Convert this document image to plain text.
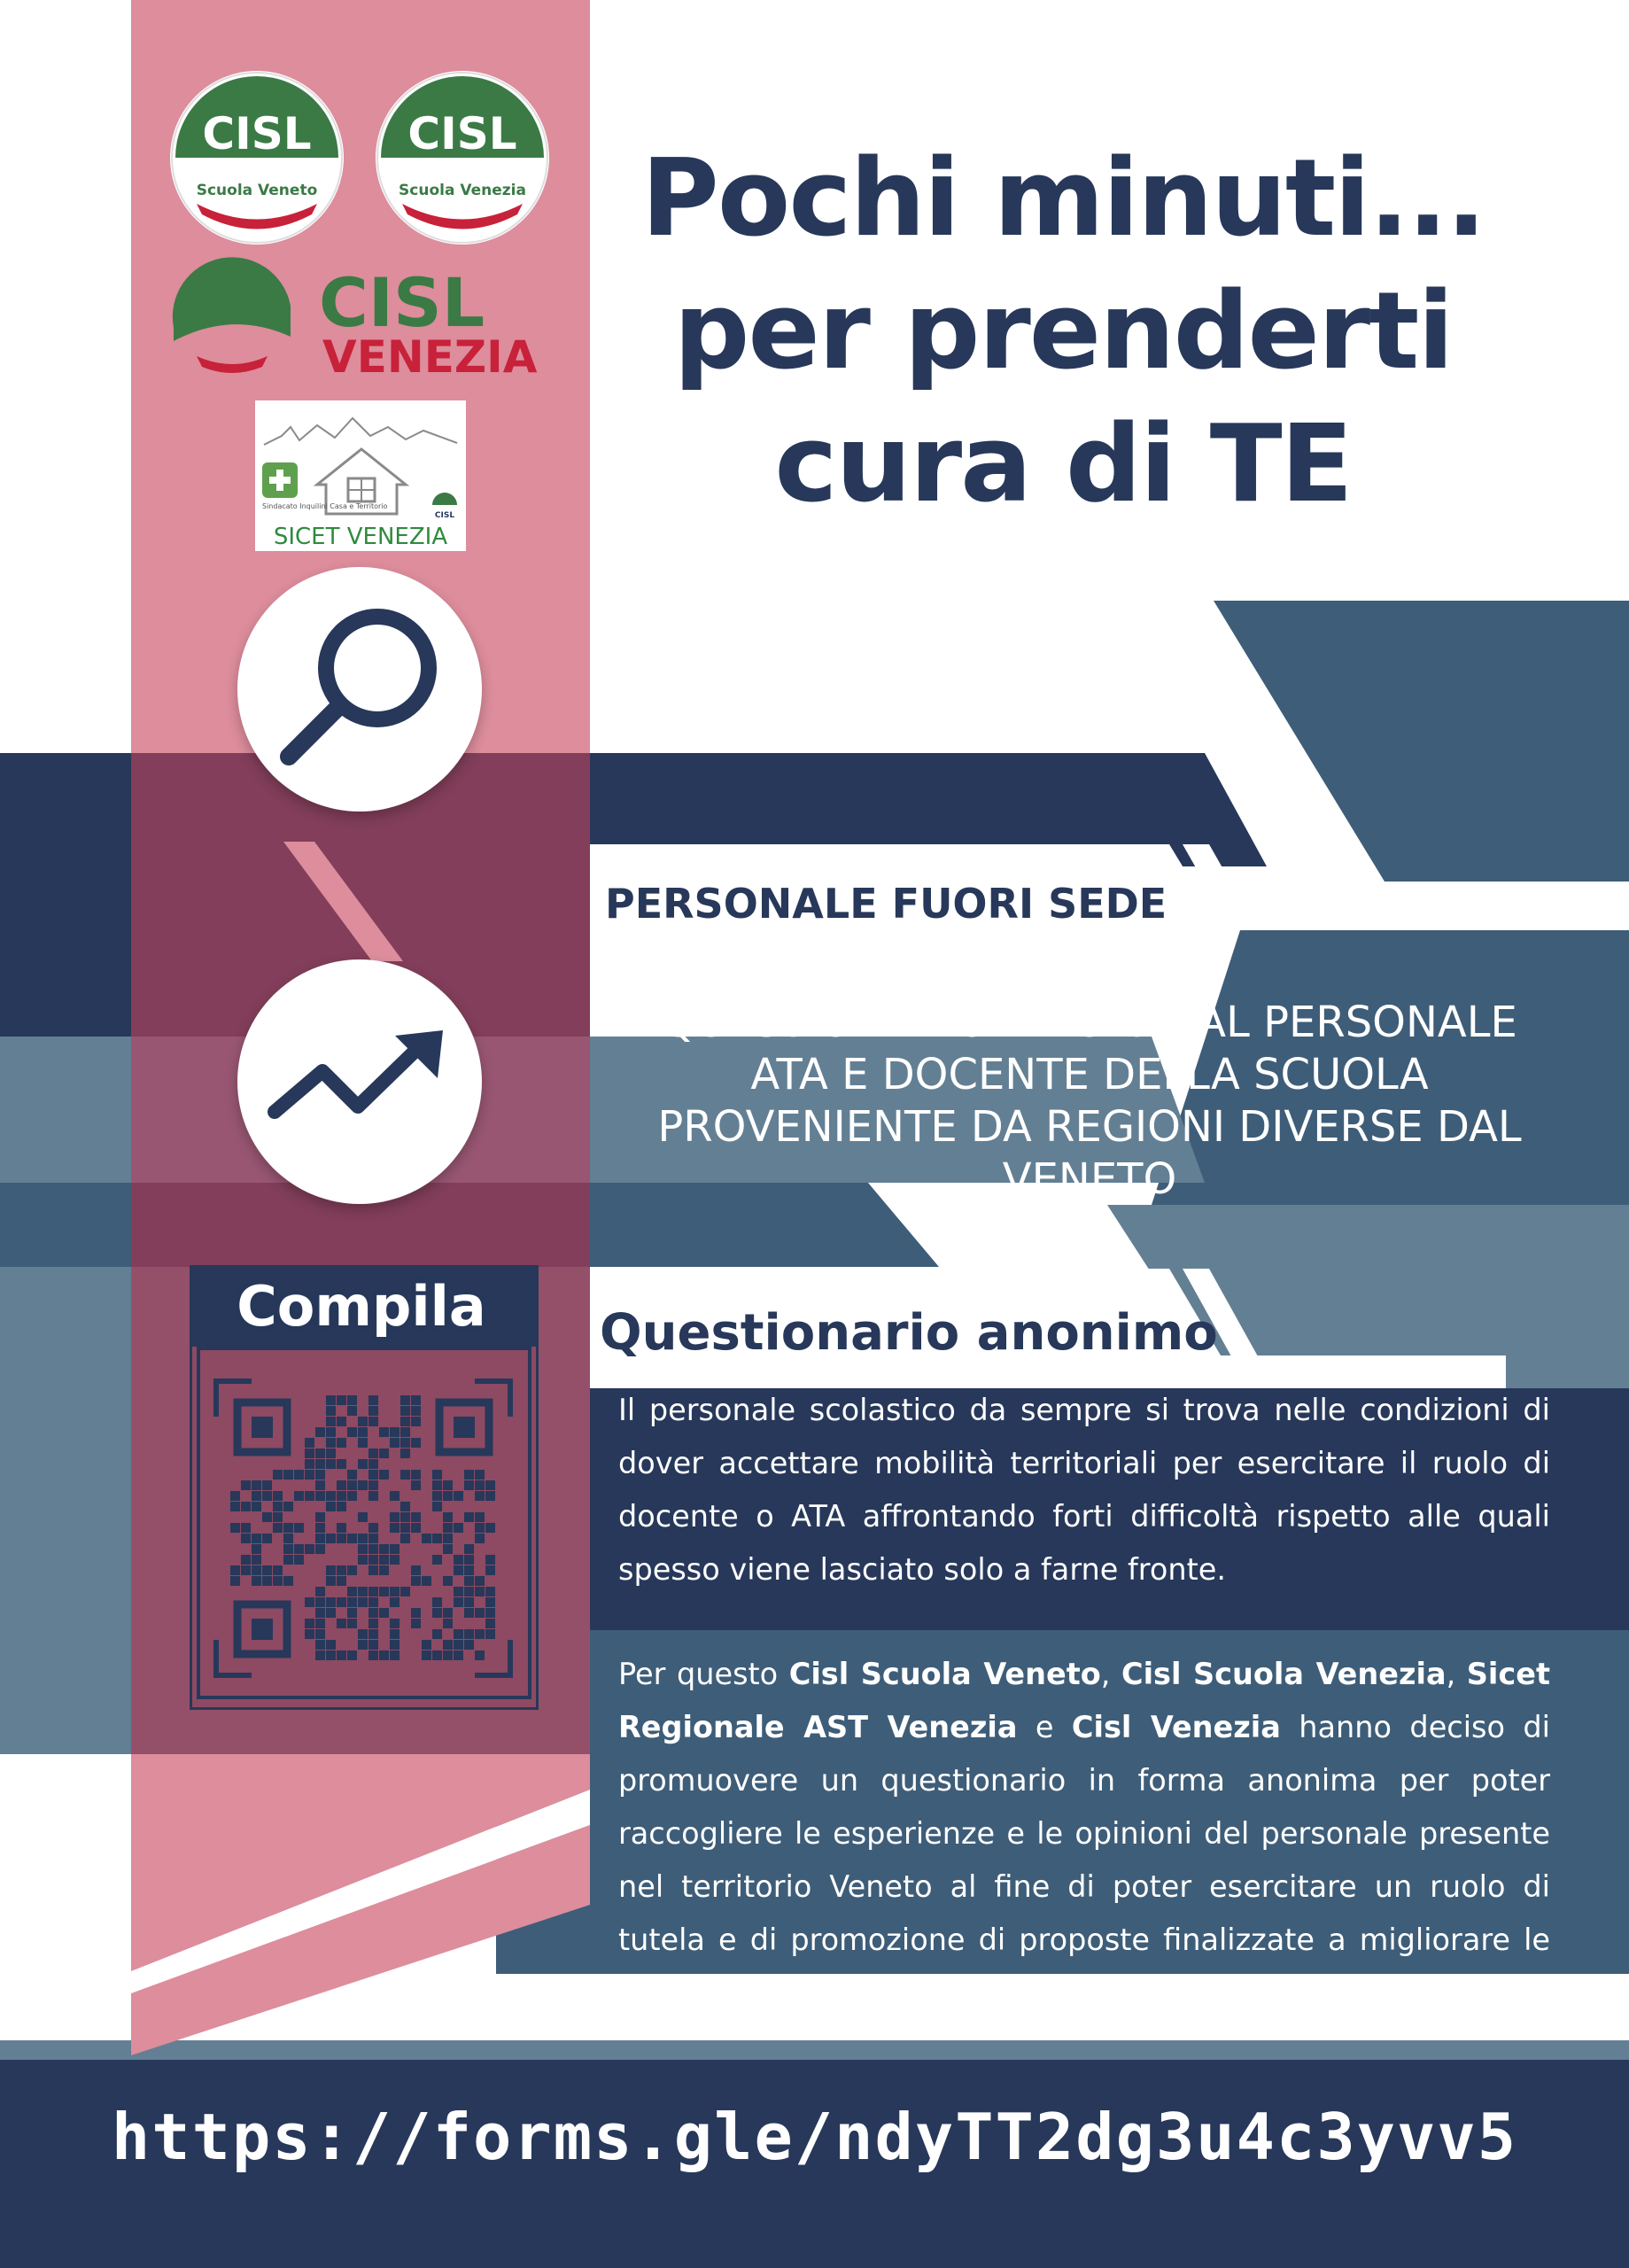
Pochi minuti...
per prenderti
cura di TE
CISL
Scuola Veneto
CISL
Scuola Venezia
CISL
VENEZIA
Sindacato Inquilini Casa e Territorio
CISL
SICET VENEZIA
Compila
PERSONALE FUORI SEDE
QUESTIONARIO RIVOLTO AL PERSONALE
ATA E DOCENTE DELLA SCUOLA
PROVENIENTE DA REGIONI DIVERSE DAL
VENETO
Questionario anonimo
Il personale scolastico da sempre si trova nelle condizioni di dover accettare mobilità territoriali per esercitare il ruolo di docente o ATA affrontando forti difficoltà rispetto alle quali spesso viene lasciato solo a farne fronte.
Per questo Cisl Scuola Veneto, Cisl Scuola Venezia, Sicet Regionale AST Venezia e Cisl Venezia hanno deciso di promuovere un questionario in forma anonima per poter raccogliere le esperienze e le opinioni del personale presente nel territorio Veneto al fine di poter esercitare un ruolo di tutela e di promozione di proposte finalizzate a migliorare le condizioni.
https://forms.gle/ndyTT2dg3u4c3yvv5
